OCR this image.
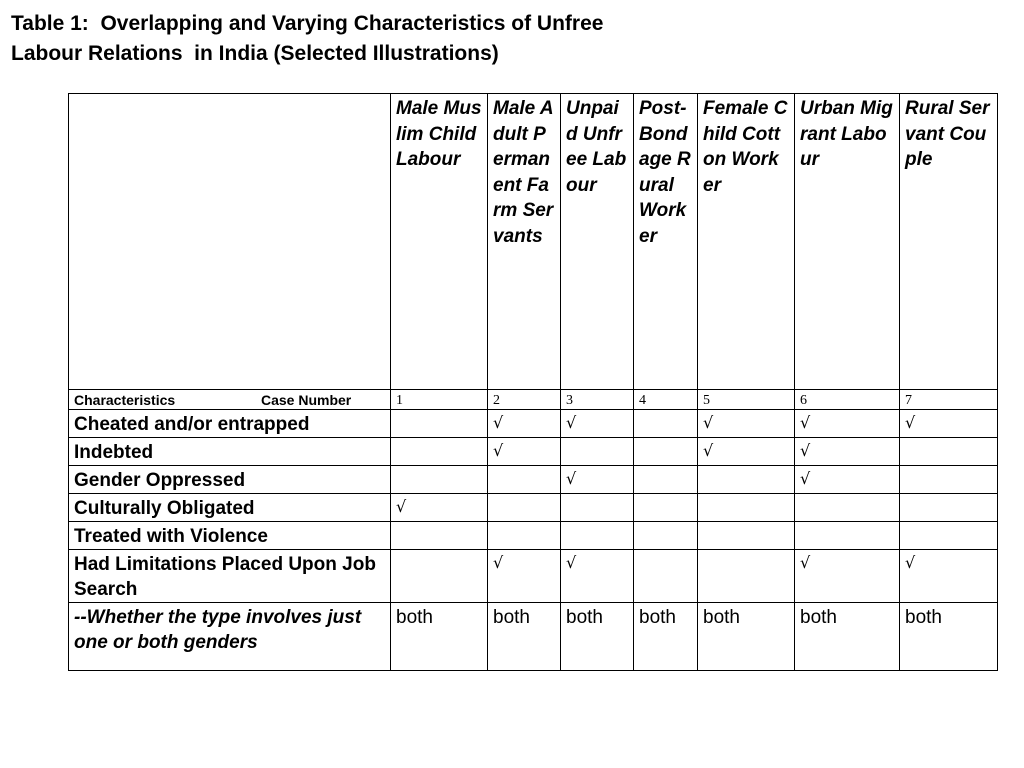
Table 1:  Overlapping and Varying Characteristics of Unfree
Labour Relations  in India (Selected Illustrations)
	Male Muslim Child Labour	Male Adult Permanent Farm Servants	Unpaid Unfree Labour	Post-Bondage Rural Worker	Female Child Cotton Worker	Urban Migrant Labour	Rural Servant Couple
Characteristics Case Number	1	2	3	4	5	6	7
Cheated and/or entrapped		√	√		√	√	√
Indebted		√			√	√	
Gender Oppressed			√			√	
Culturally Obligated	√						
Treated with Violence							
Had Limitations Placed Upon Job Search		√	√			√	√
--Whether the type involves just one or both genders	both	both	both	both	both	both	both
